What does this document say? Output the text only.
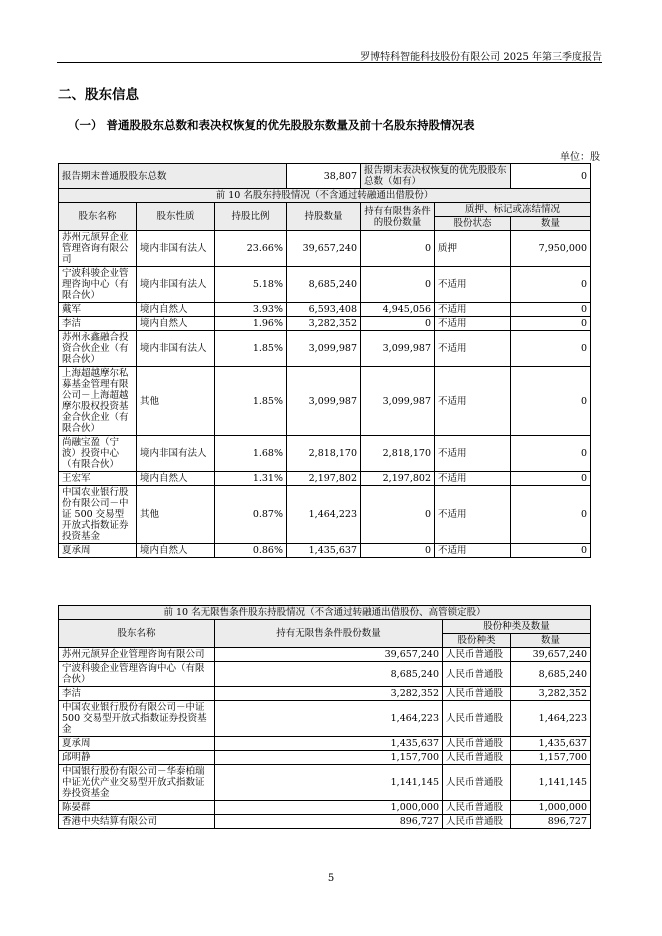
罗博特科智能科技股份有限公司 2025 年第三季度报告
二、股东信息
（一） 普通股股东总数和表决权恢复的优先股股东数量及前十名股东持股情况表
单位：股
报告期末普通股股东总数			38,807	报告期末表决权恢复的优先股股东总数（如有）		0
前 10 名股东持股情况（不含通过转融通出借股份）						
股东名称	股东性质	持股比例	持股数量	持有有限售条件的股份数量	质押、标记或冻结情况	
					股份状态	数量
苏州元颉昇企业管理咨询有限公司	境内非国有法人	23.66%	39,657,240	0	质押	7,950,000
宁波科骏企业管理咨询中心（有限合伙）	境内非国有法人	5.18%	8,685,240	0	不适用	0
戴军	境内自然人	3.93%	6,593,408	4,945,056	不适用	0
李洁	境内自然人	1.96%	3,282,352	0	不适用	0
苏州永鑫融合投资合伙企业（有限合伙）	境内非国有法人	1.85%	3,099,987	3,099,987	不适用	0
上海超越摩尔私募基金管理有限公司－上海超越摩尔股权投资基金合伙企业（有限合伙）	其他	1.85%	3,099,987	3,099,987	不适用	0
尚融宝盈（宁波）投资中心（有限合伙）	境内非国有法人	1.68%	2,818,170	2,818,170	不适用	0
王宏军	境内自然人	1.31%	2,197,802	2,197,802	不适用	0
中国农业银行股份有限公司－中证 500 交易型开放式指数证券投资基金	其他	0.87%	1,464,223	0	不适用	0
夏承周	境内自然人	0.86%	1,435,637	0	不适用	0
前 10 名无限售条件股东持股情况（不含通过转融通出借股份、高管锁定股）			
股东名称	持有无限售条件股份数量	股份种类及数量	
		股份种类	数量
苏州元颉昇企业管理咨询有限公司	39,657,240	人民币普通股	39,657,240
宁波科骏企业管理咨询中心（有限合伙）	8,685,240	人民币普通股	8,685,240
李洁	3,282,352	人民币普通股	3,282,352
中国农业银行股份有限公司－中证 500 交易型开放式指数证券投资基金	1,464,223	人民币普通股	1,464,223
夏承周	1,435,637	人民币普通股	1,435,637
邱明静	1,157,700	人民币普通股	1,157,700
中国银行股份有限公司－华泰柏瑞中证光伏产业交易型开放式指数证券投资基金	1,141,145	人民币普通股	1,141,145
陈晏群	1,000,000	人民币普通股	1,000,000
香港中央结算有限公司	896,727	人民币普通股	896,727
5
